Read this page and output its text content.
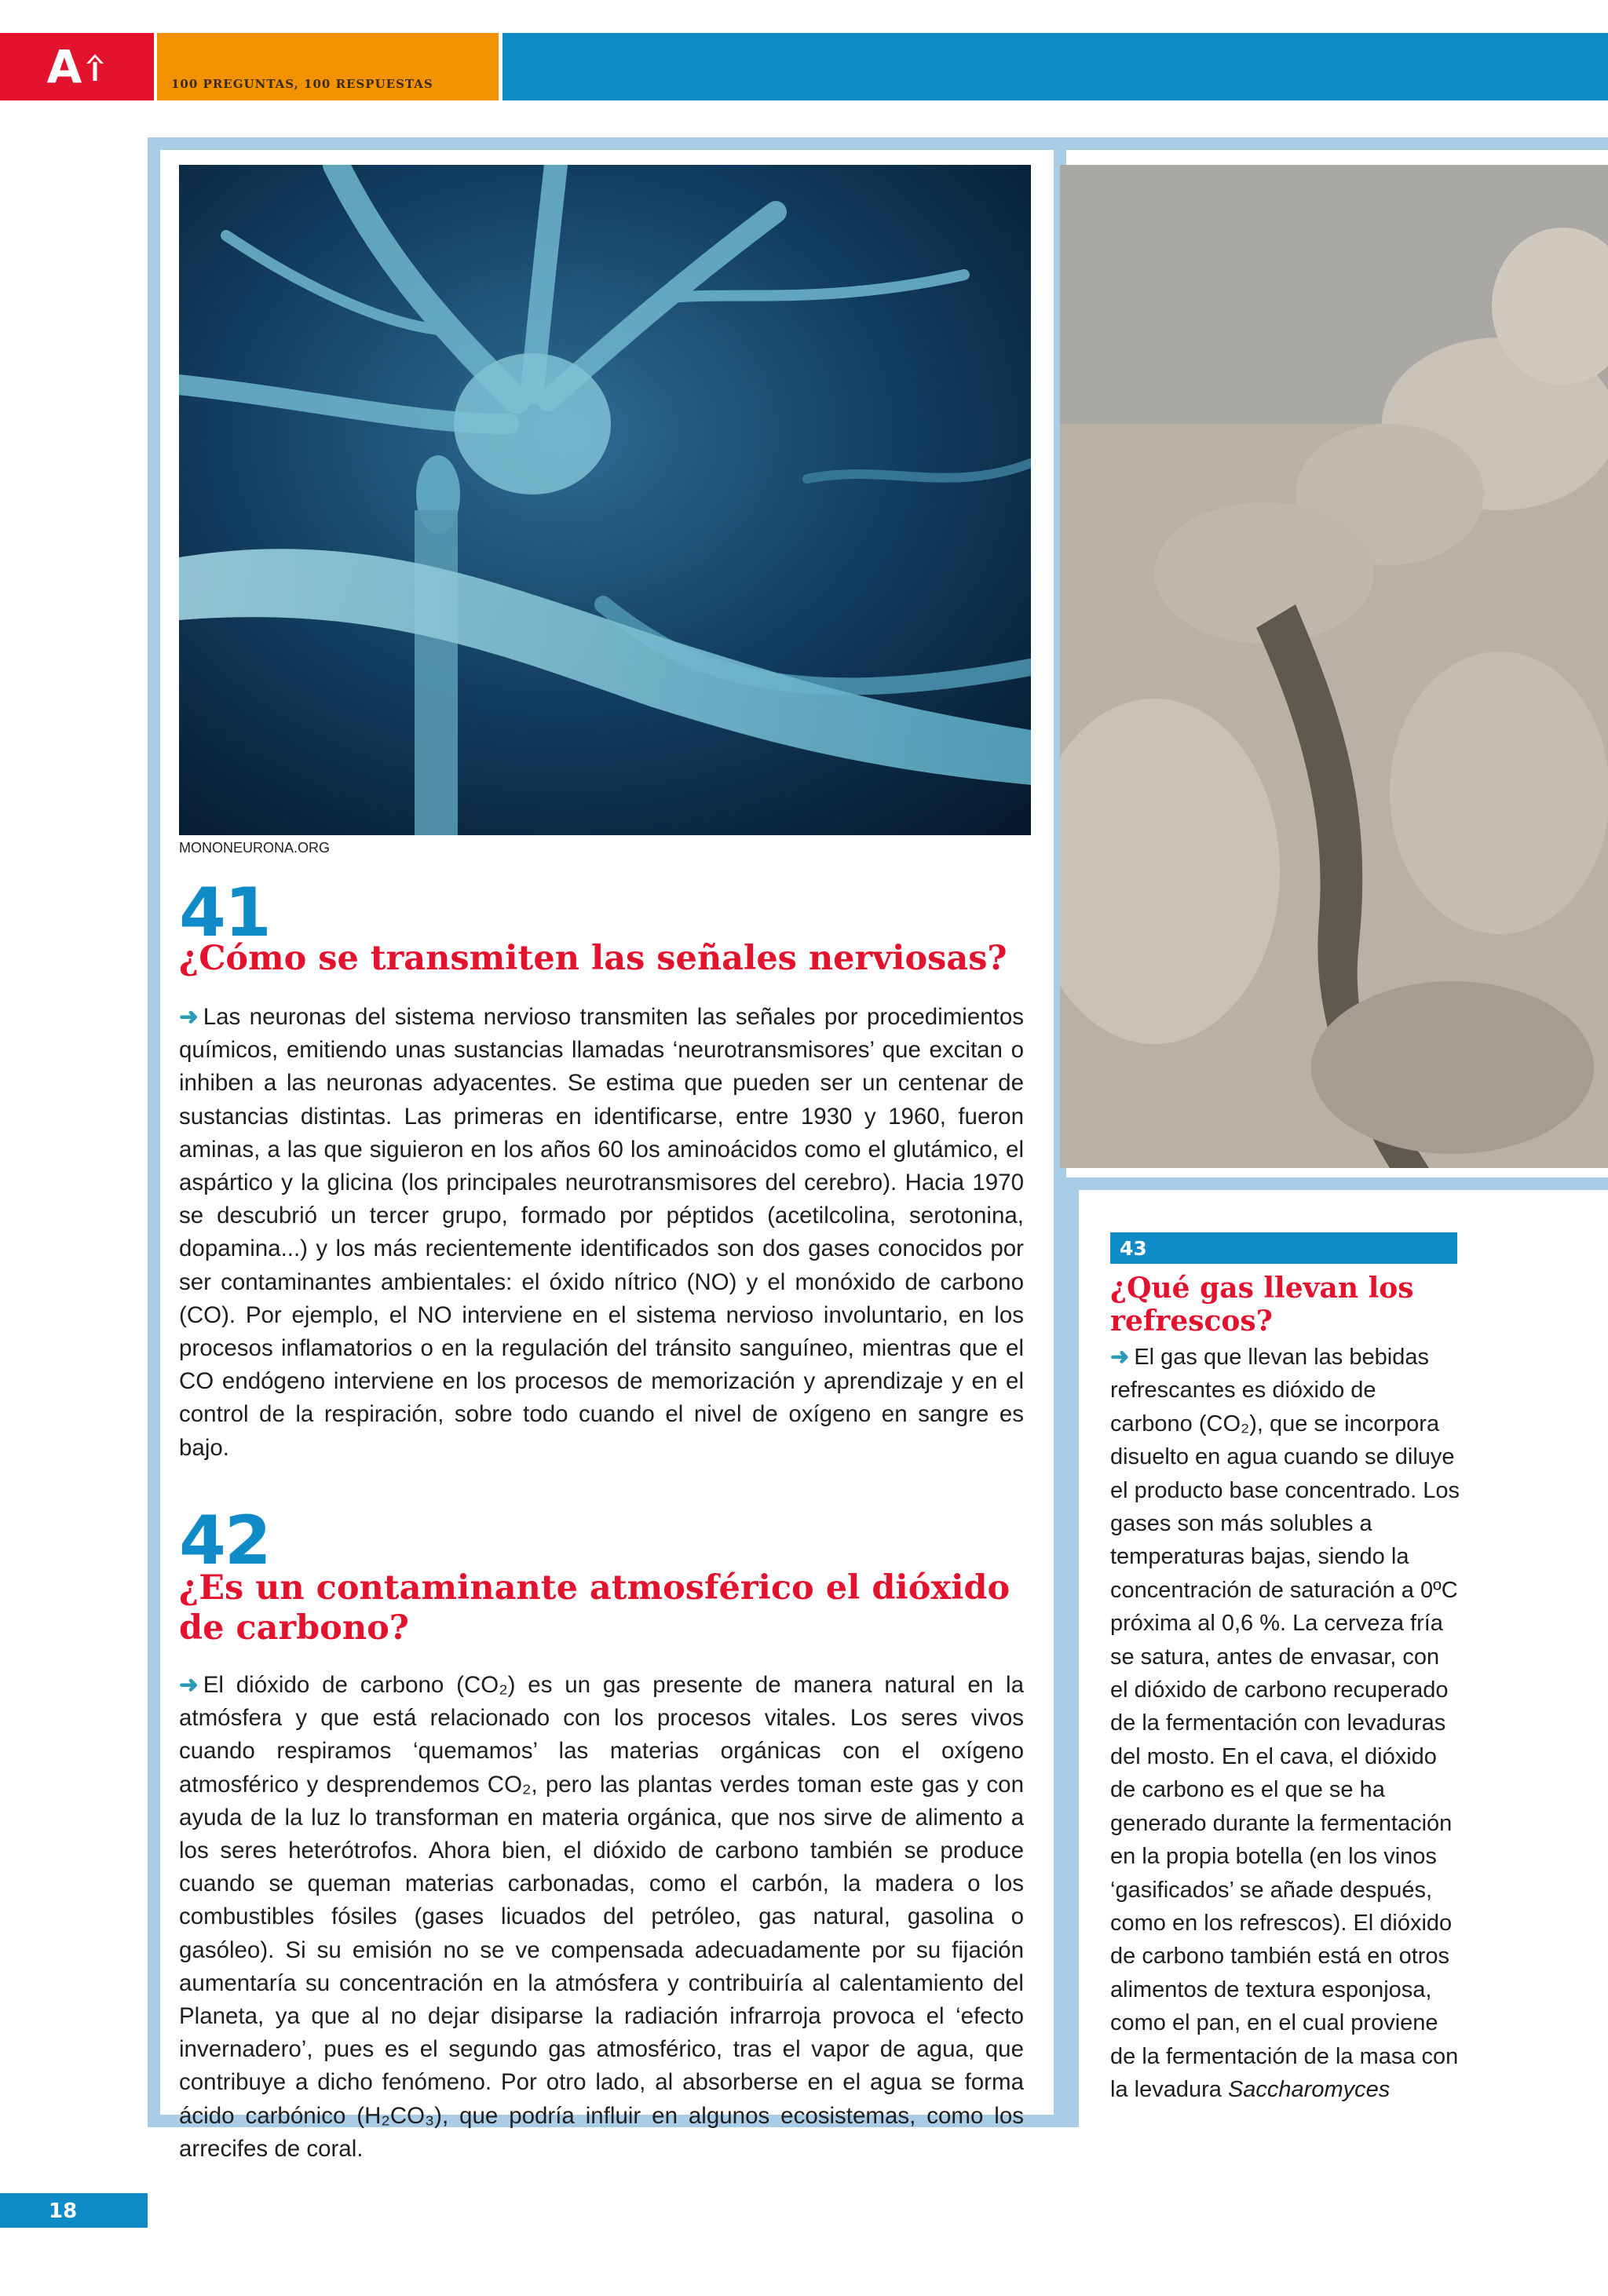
A	100 PREGUNTAS, 100 RESPUESTAS
MONONEURONA.ORG
41
¿Cómo se transmiten las señales nerviosas?
➜ Las neuronas del sistema nervioso transmiten las señales por procedimientos químicos, emitiendo unas sustancias llamadas ‘neurotransmisores’ que excitan o inhiben a las neuronas adyacentes. Se estima que pueden ser un centenar de sustancias distintas. Las primeras en identificarse, entre 1930 y 1960, fueron aminas, a las que siguieron en los años 60 los aminoácidos como el glutámico, el aspártico y la glicina (los principales neurotransmisores del cerebro). Hacia 1970 se descubrió un tercer grupo, formado por péptidos (acetilcolina, serotonina, dopamina...) y los más recientemente identificados son dos gases conocidos por ser contaminantes ambientales: el óxido nítrico (NO) y el monóxido de carbono (CO). Por ejemplo, el NO interviene en el sistema nervioso involuntario, en los procesos inflamatorios o en la regulación del tránsito sanguíneo, mientras que el CO endógeno interviene en los procesos de memorización y aprendizaje y en el control de la respiración, sobre todo cuando el nivel de oxígeno en sangre es bajo.
42
¿Es un contaminante atmosférico el dióxido de carbono?
➜ El dióxido de carbono (CO₂) es un gas presente de manera natural en la atmósfera y que está relacionado con los procesos vitales. Los seres vivos cuando respiramos ‘quemamos’ las materias orgánicas con el oxígeno atmosférico y desprendemos CO₂, pero las plantas verdes toman este gas y con ayuda de la luz lo transforman en materia orgánica, que nos sirve de alimento a los seres heterótrofos. Ahora bien, el dióxido de carbono también se produce cuando se queman materias carbonadas, como el carbón, la madera o los combustibles fósiles (gases licuados del petróleo, gas natural, gasolina o gasóleo). Si su emisión no se ve compensada adecuadamente por su fijación aumentaría su concentración en la atmósfera y contribuiría al calentamiento del Planeta, ya que al no dejar disiparse la radiación infrarroja provoca el ‘efecto invernadero’, pues es el segundo gas atmosférico, tras el vapor de agua, que contribuye a dicho fenómeno. Por otro lado, al absorberse en el agua se forma ácido carbónico (H₂CO₃), que podría influir en algunos ecosistemas, como los arrecifes de coral.
43
¿Qué gas llevan los refrescos?
➜ El gas que llevan las bebidas refrescantes es dióxido de carbono (CO₂), que se incorpora disuelto en agua cuando se diluye el producto base concentrado. Los gases son más solubles a temperaturas bajas, siendo la concentración de saturación a 0ºC próxima al 0,6 %. La cerveza fría se satura, antes de envasar, con el dióxido de carbono recuperado de la fermentación con levaduras del mosto. En el cava, el dióxido de carbono es el que se ha generado durante la fermentación en la propia botella (en los vinos ‘gasificados’ se añade después, como en los refrescos). El dióxido de carbono también está en otros alimentos de textura esponjosa, como el pan, en el cual proviene de la fermentación de la masa con la levadura Saccharomyces
18
